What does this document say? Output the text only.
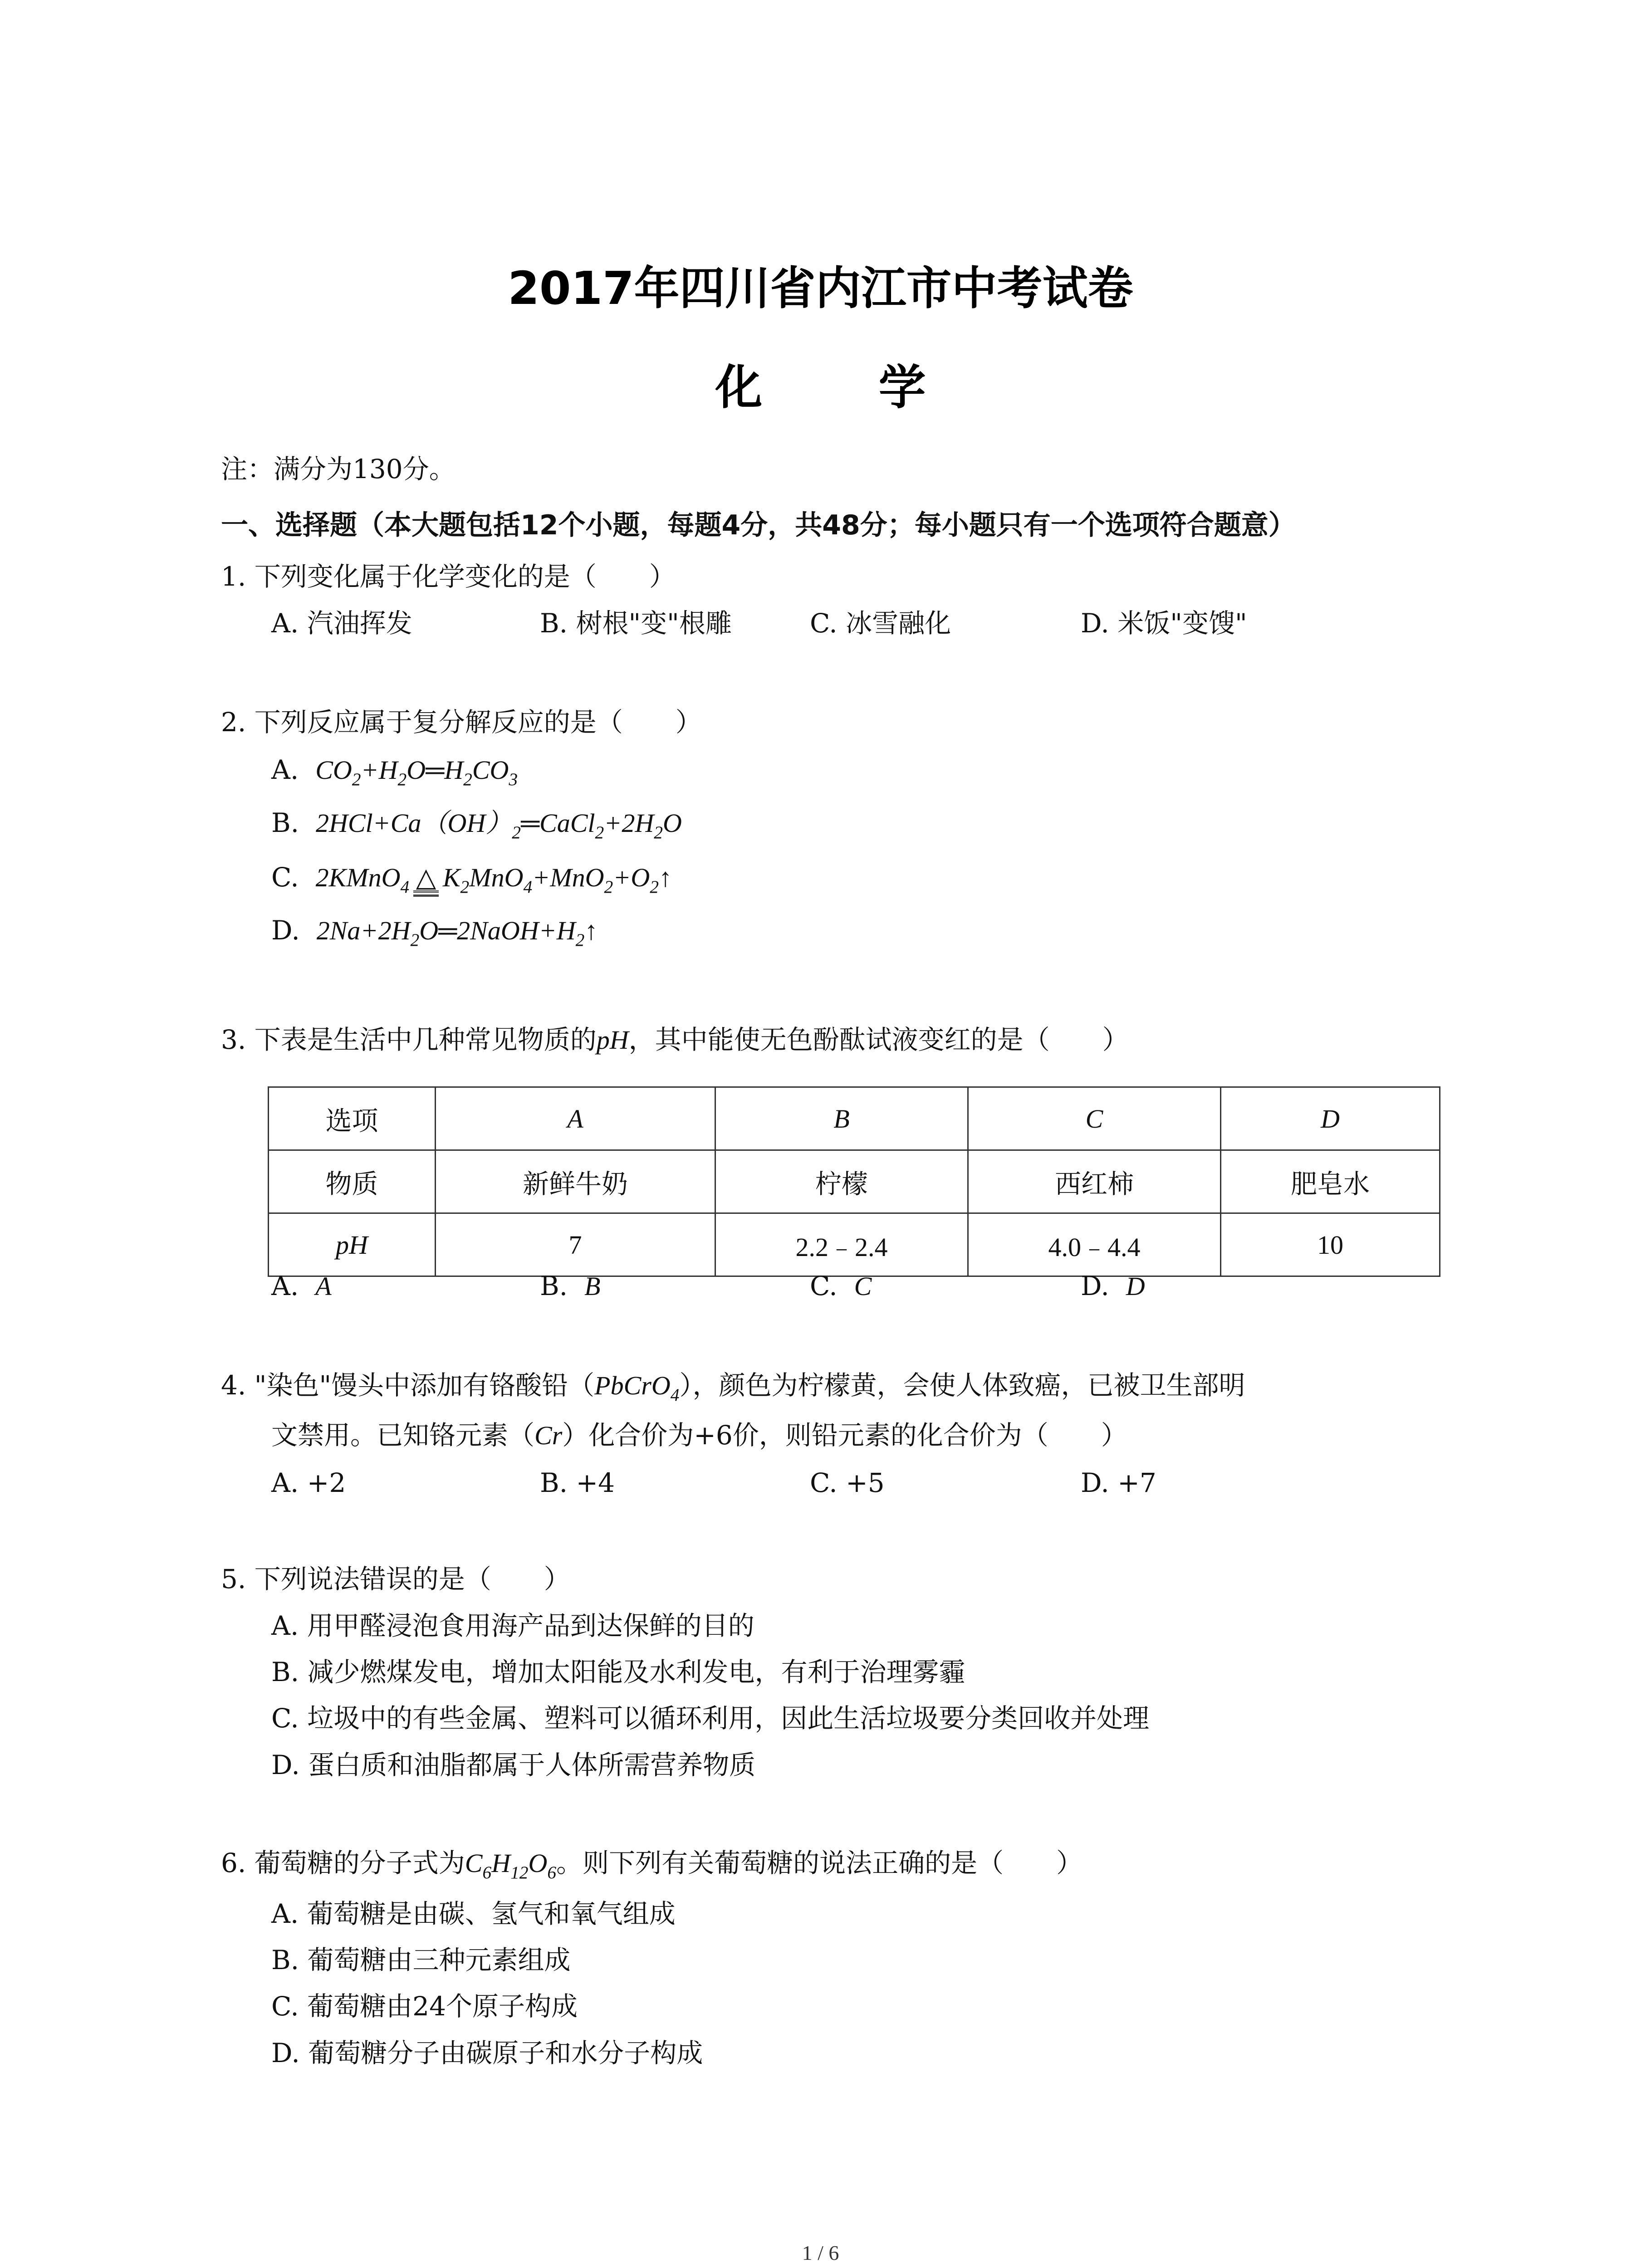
2017年四川省内江市中考试卷
化 学
注：满分为130分。
一、选择题（本大题包括12个小题，每题4分，共48分；每小题只有一个选项符合题意）
1. 下列变化属于化学变化的是（　　）
A. 汽油挥发	B. 树根"变"根雕	C. 冰雪融化	D. 米饭"变馊"
2. 下列反应属于复分解反应的是（　　）
A. $CO_2+H_2O═H_2CO_3$
B. $2HCl+Ca(OH)_2═CaCl_2+2H_2O$
C. 2KMnO$_4$ △ $K_2MnO_4+MnO_2+O_2↑$
D. $2Na+2H_2O═2NaOH+H_2↑$
3. 下表是生活中几种常见物质的pH，其中能使无色酚酞试液变红的是（　　）
选项	A	B	C	D
物质	新鲜牛奶	柠檬	西红柿	肥皂水
pH	7	2.2﹣2.4	4.0﹣4.4	10
A. A	B. B	C. C	D. D
4. "染色"馒头中添加有铬酸铅（PbCrO$_4$），颜色为柠檬黄，会使人体致癌，已被卫生部明
文禁用。已知铬元素（Cr）化合价为+6价，则铅元素的化合价为（　　）
A. +2	B. +4	C. +5	D. +7
5. 下列说法错误的是（　　）
A. 用甲醛浸泡食用海产品到达保鲜的目的
B. 减少燃煤发电，增加太阳能及水利发电，有利于治理雾霾
C. 垃圾中的有些金属、塑料可以循环利用，因此生活垃圾要分类回收并处理
D. 蛋白质和油脂都属于人体所需营养物质
6. 葡萄糖的分子式为$C_6H_{12}O_6$。则下列有关葡萄糖的说法正确的是（　　）
A. 葡萄糖是由碳、氢气和氧气组成
B. 葡萄糖由三种元素组成
C. 葡萄糖由24个原子构成
D. 葡萄糖分子由碳原子和水分子构成
1 / 6
